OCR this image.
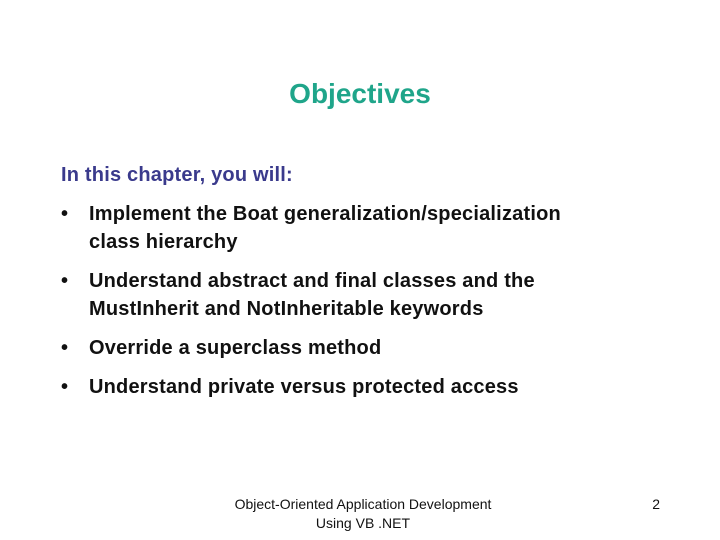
Objectives
In this chapter, you will:
•	Implement the Boat generalization/specialization
class hierarchy
•	Understand abstract and final classes and the
MustInherit and NotInheritable keywords
•	Override a superclass method
•	Understand private versus protected access
Object-Oriented Application Development
Using VB .NET
2
